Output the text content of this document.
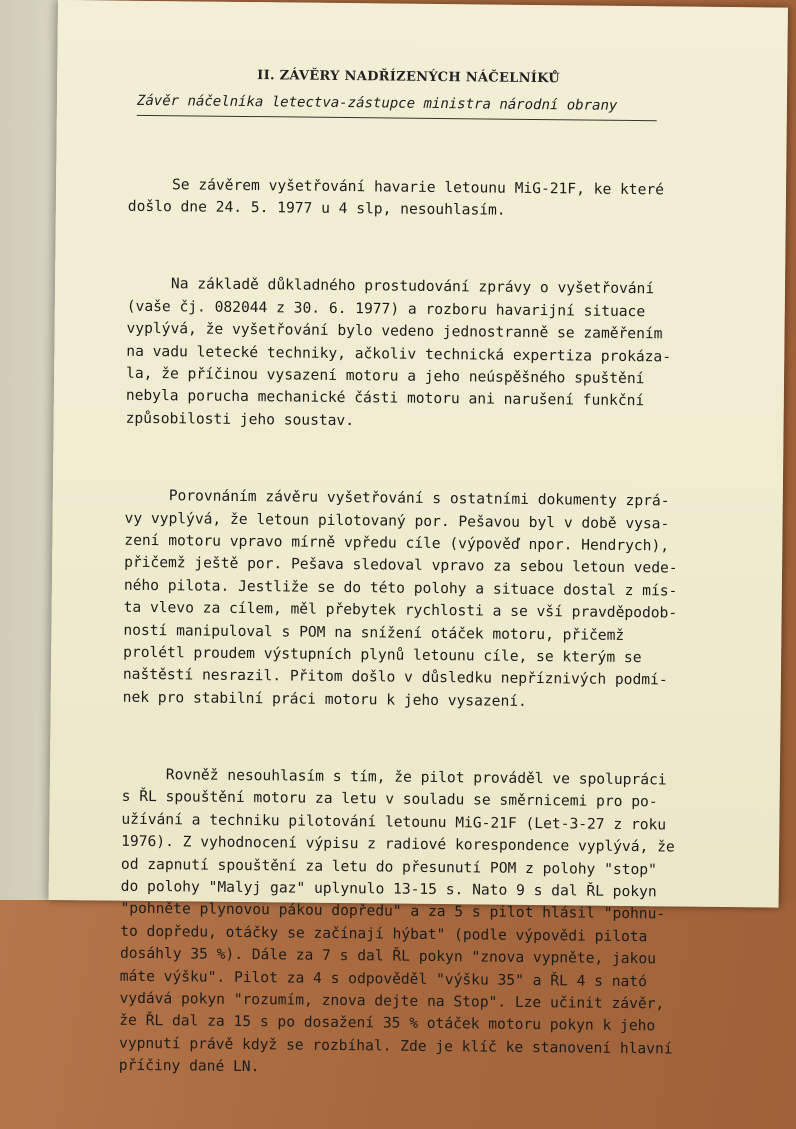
II. ZÁVĚRY NADŘÍZENÝCH NÁČELNÍKŮ
Závěr náčelníka letectva-zástupce ministra národní obrany

Se závěrem vyšetřování havarie letounu MiG-21F, ke které
došlo dne 24. 5. 1977 u 4 slp, nesouhlasím.

Na základě důkladného prostudování zprávy o vyšetřování
(vaše čj. 082044 z 30. 6. 1977) a rozboru havarijní situace
vyplývá, že vyšetřování bylo vedeno jednostranně se zaměřením
na vadu letecké techniky, ačkoliv technická expertiza prokáza-
la, že příčinou vysazení motoru a jeho neúspěšného spuštění
nebyla porucha mechanické části motoru ani narušení funkční
způsobilosti jeho soustav.

Porovnáním závěru vyšetřování s ostatními dokumenty zprá-
vy vyplývá, že letoun pilotovaný por. Pešavou byl v době vysa-
zení motoru vpravo mírně vpředu cíle (výpověď npor. Hendrych),
přičemž ještě por. Pešava sledoval vpravo za sebou letoun vede-
ného pilota. Jestliže se do této polohy a situace dostal z mís-
ta vlevo za cílem, měl přebytek rychlosti a se vší pravděpodob-
ností manipuloval s POM na snížení otáček motoru, přičemž
prolétl proudem výstupních plynů letounu cíle, se kterým se
naštěstí nesrazil. Přitom došlo v důsledku nepříznivých podmí-
nek pro stabilní práci motoru k jeho vysazení.

Rovněž nesouhlasím s tím, že pilot prováděl ve spolupráci
s ŘL spouštění motoru za letu v souladu se směrnicemi pro po-
užívání a techniku pilotování letounu MiG-21F (Let-3-27 z roku
1976). Z vyhodnocení výpisu z radiové korespondence vyplývá, že
od zapnutí spouštění za letu do přesunutí POM z polohy "stop"
do polohy "Malyj gaz" uplynulo 13-15 s. Nato 9 s dal ŘL pokyn
"pohněte plynovou pákou dopředu" a za 5 s pilot hlásil "pohnu-
to dopředu, otáčky se začínají hýbat" (podle výpovědi pilota
dosáhly 35 %). Dále za 7 s dal ŘL pokyn "znova vypněte, jakou
máte výšku". Pilot za 4 s odpověděl "výšku 35" a ŘL 4 s nató
vydává pokyn "rozumím, znova dejte na Stop". Lze učinit závěr,
že ŘL dal za 15 s po dosažení 35 % otáček motoru pokyn k jeho
vypnutí právě když se rozbíhal. Zde je klíč ke stanovení hlavní
příčiny dané LN.
